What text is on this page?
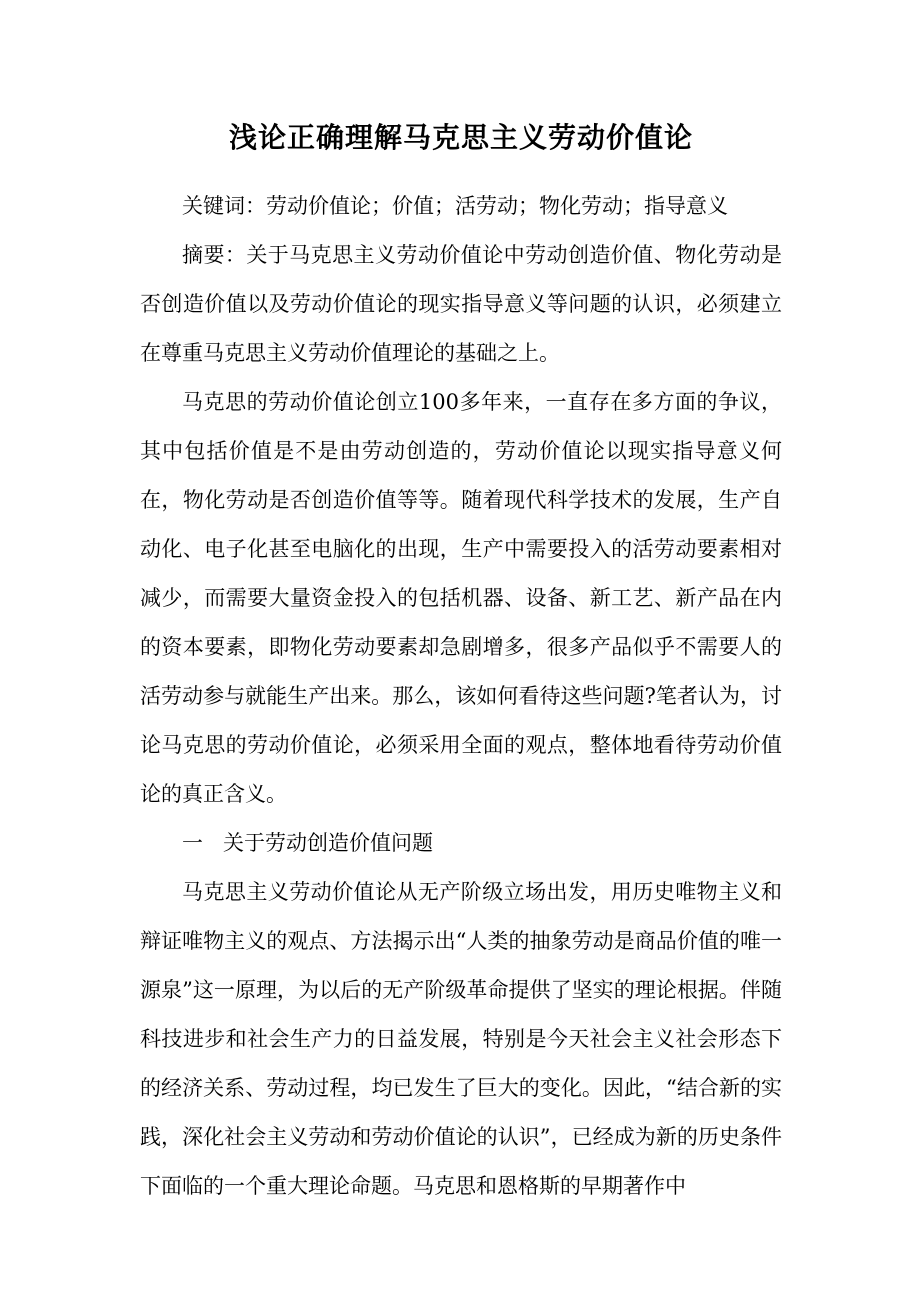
浅论正确理解马克思主义劳动价值论

关键词：劳动价值论；价值；活劳动；物化劳动；指导意义

摘要：关于马克思主义劳动价值论中劳动创造价值、物化劳动是否创造价值以及劳动价值论的现实指导意义等问题的认识，必须建立在尊重马克思主义劳动价值理论的基础之上。

马克思的劳动价值论创立100多年来，一直存在多方面的争议，其中包括价值是不是由劳动创造的，劳动价值论以现实指导意义何在，物化劳动是否创造价值等等。随着现代科学技术的发展，生产自动化、电子化甚至电脑化的出现，生产中需要投入的活劳动要素相对减少，而需要大量资金投入的包括机器、设备、新工艺、新产品在内的资本要素，即物化劳动要素却急剧增多，很多产品似乎不需要人的活劳动参与就能生产出来。那么，该如何看待这些问题?笔者认为，讨论马克思的劳动价值论，必须采用全面的观点，整体地看待劳动价值论的真正含义。

一 关于劳动创造价值问题

马克思主义劳动价值论从无产阶级立场出发，用历史唯物主义和辩证唯物主义的观点、方法揭示出“人类的抽象劳动是商品价值的唯一源泉”这一原理，为以后的无产阶级革命提供了坚实的理论根据。伴随科技进步和社会生产力的日益发展，特别是今天社会主义社会形态下的经济关系、劳动过程，均已发生了巨大的变化。因此，“结合新的实践，深化社会主义劳动和劳动价值论的认识”，已经成为新的历史条件下面临的一个重大理论命题。马克思和恩格斯的早期著作中
